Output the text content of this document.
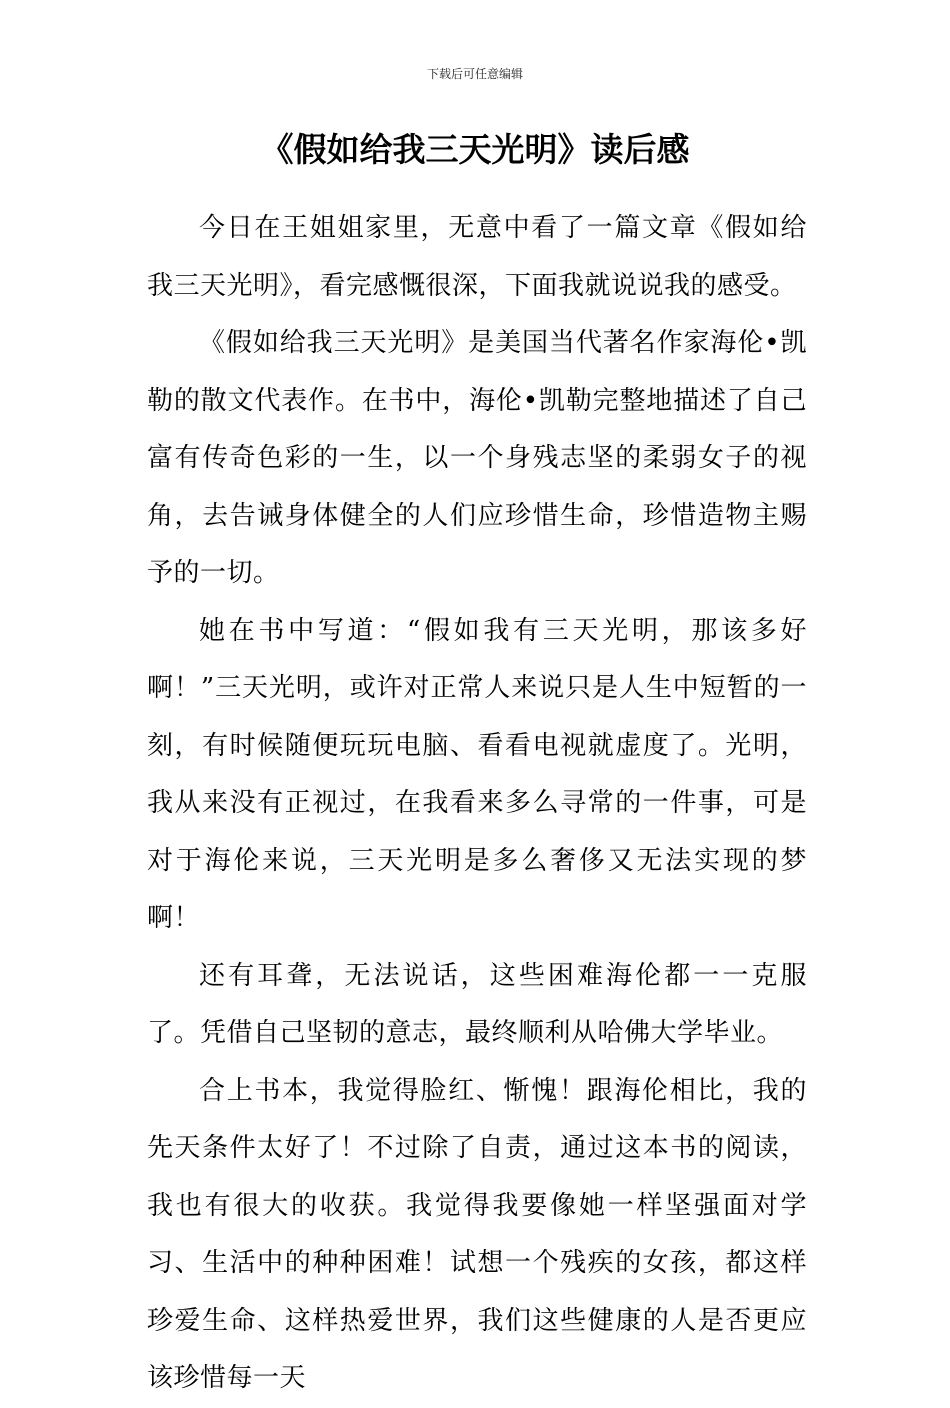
下载后可任意编辑
《假如给我三天光明》读后感

今日在王姐姐家里，无意中看了一篇文章《假如给我三天光明》，看完感慨很深，下面我就说说我的感受。

《假如给我三天光明》是美国当代著名作家海伦•凯勒的散文代表作。在书中，海伦•凯勒完整地描述了自己富有传奇色彩的一生，以一个身残志坚的柔弱女子的视角，去告诫身体健全的人们应珍惜生命，珍惜造物主赐予的一切。

她在书中写道：“假如我有三天光明，那该多好啊！”三天光明，或许对正常人来说只是人生中短暂的一刻，有时候随便玩玩电脑、看看电视就虚度了。光明，我从来没有正视过，在我看来多么寻常的一件事，可是对于海伦来说，三天光明是多么奢侈又无法实现的梦啊！

还有耳聋，无法说话，这些困难海伦都一一克服了。凭借自己坚韧的意志，最终顺利从哈佛大学毕业。

合上书本，我觉得脸红、惭愧！跟海伦相比，我的先天条件太好了！不过除了自责，通过这本书的阅读，我也有很大的收获。我觉得我要像她一样坚强面对学习、生活中的种种困难！试想一个残疾的女孩，都这样珍爱生命、这样热爱世界，我们这些健康的人是否更应该珍惜每一天
